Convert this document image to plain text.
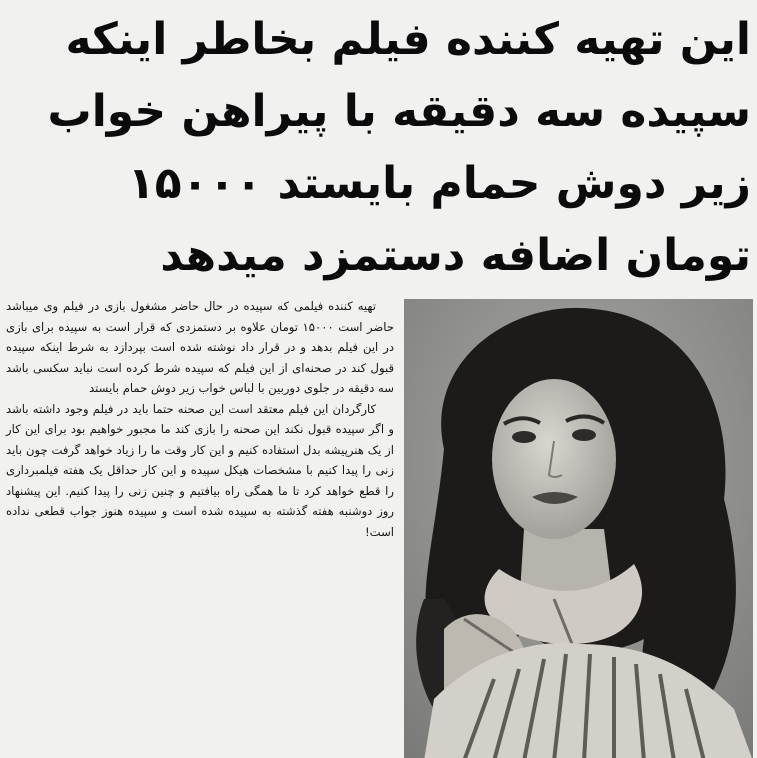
این تهیه کننده فیلم بخاطر اینکه
سپیده سه دقیقه با پیراهن خواب
زیر دوش حمام بایستد ۱۵۰۰۰
تومان اضافه دستمزد میدهد

تهیه کننده فیلمی که سپیده در حال حاضر مشغول بازی در فیلم وی میباشد حاضر است ۱۵۰۰۰ تومان علاوه بر دستمزدی که قرار است به سپیده برای بازی در این فیلم بدهد و در قرار داد نوشته شده است بپردازد به شرط اینکه سپیده قبول کند در صحنه‌ای از این فیلم که سپیده شرط کرده است نباید سکسی باشد سه دقیقه در جلوی دوربین با لباس خواب زیر دوش حمام بایستد

کارگردان این فیلم معتقد است این صحنه حتما باید در فیلم وجود داشته باشد و اگر سپیده قبول نکند این صحنه را بازی کند ما مجبور خواهیم بود برای این کار از یک هنرپیشه بدل استفاده کنیم و این کار وقت ما را زیاد خواهد گرفت چون باید زنی را پیدا کنیم با مشخصات هیکل سپیده و این کار حداقل یک هفته فیلمبرداری را قطع خواهد کرد تا ما همگی راه بیافتیم و چنین زنی را پیدا کنیم. این پیشنهاد روز دوشنبه هفته گذشته به سپیده شده است و سپیده هنوز جواب قطعی نداده است!
